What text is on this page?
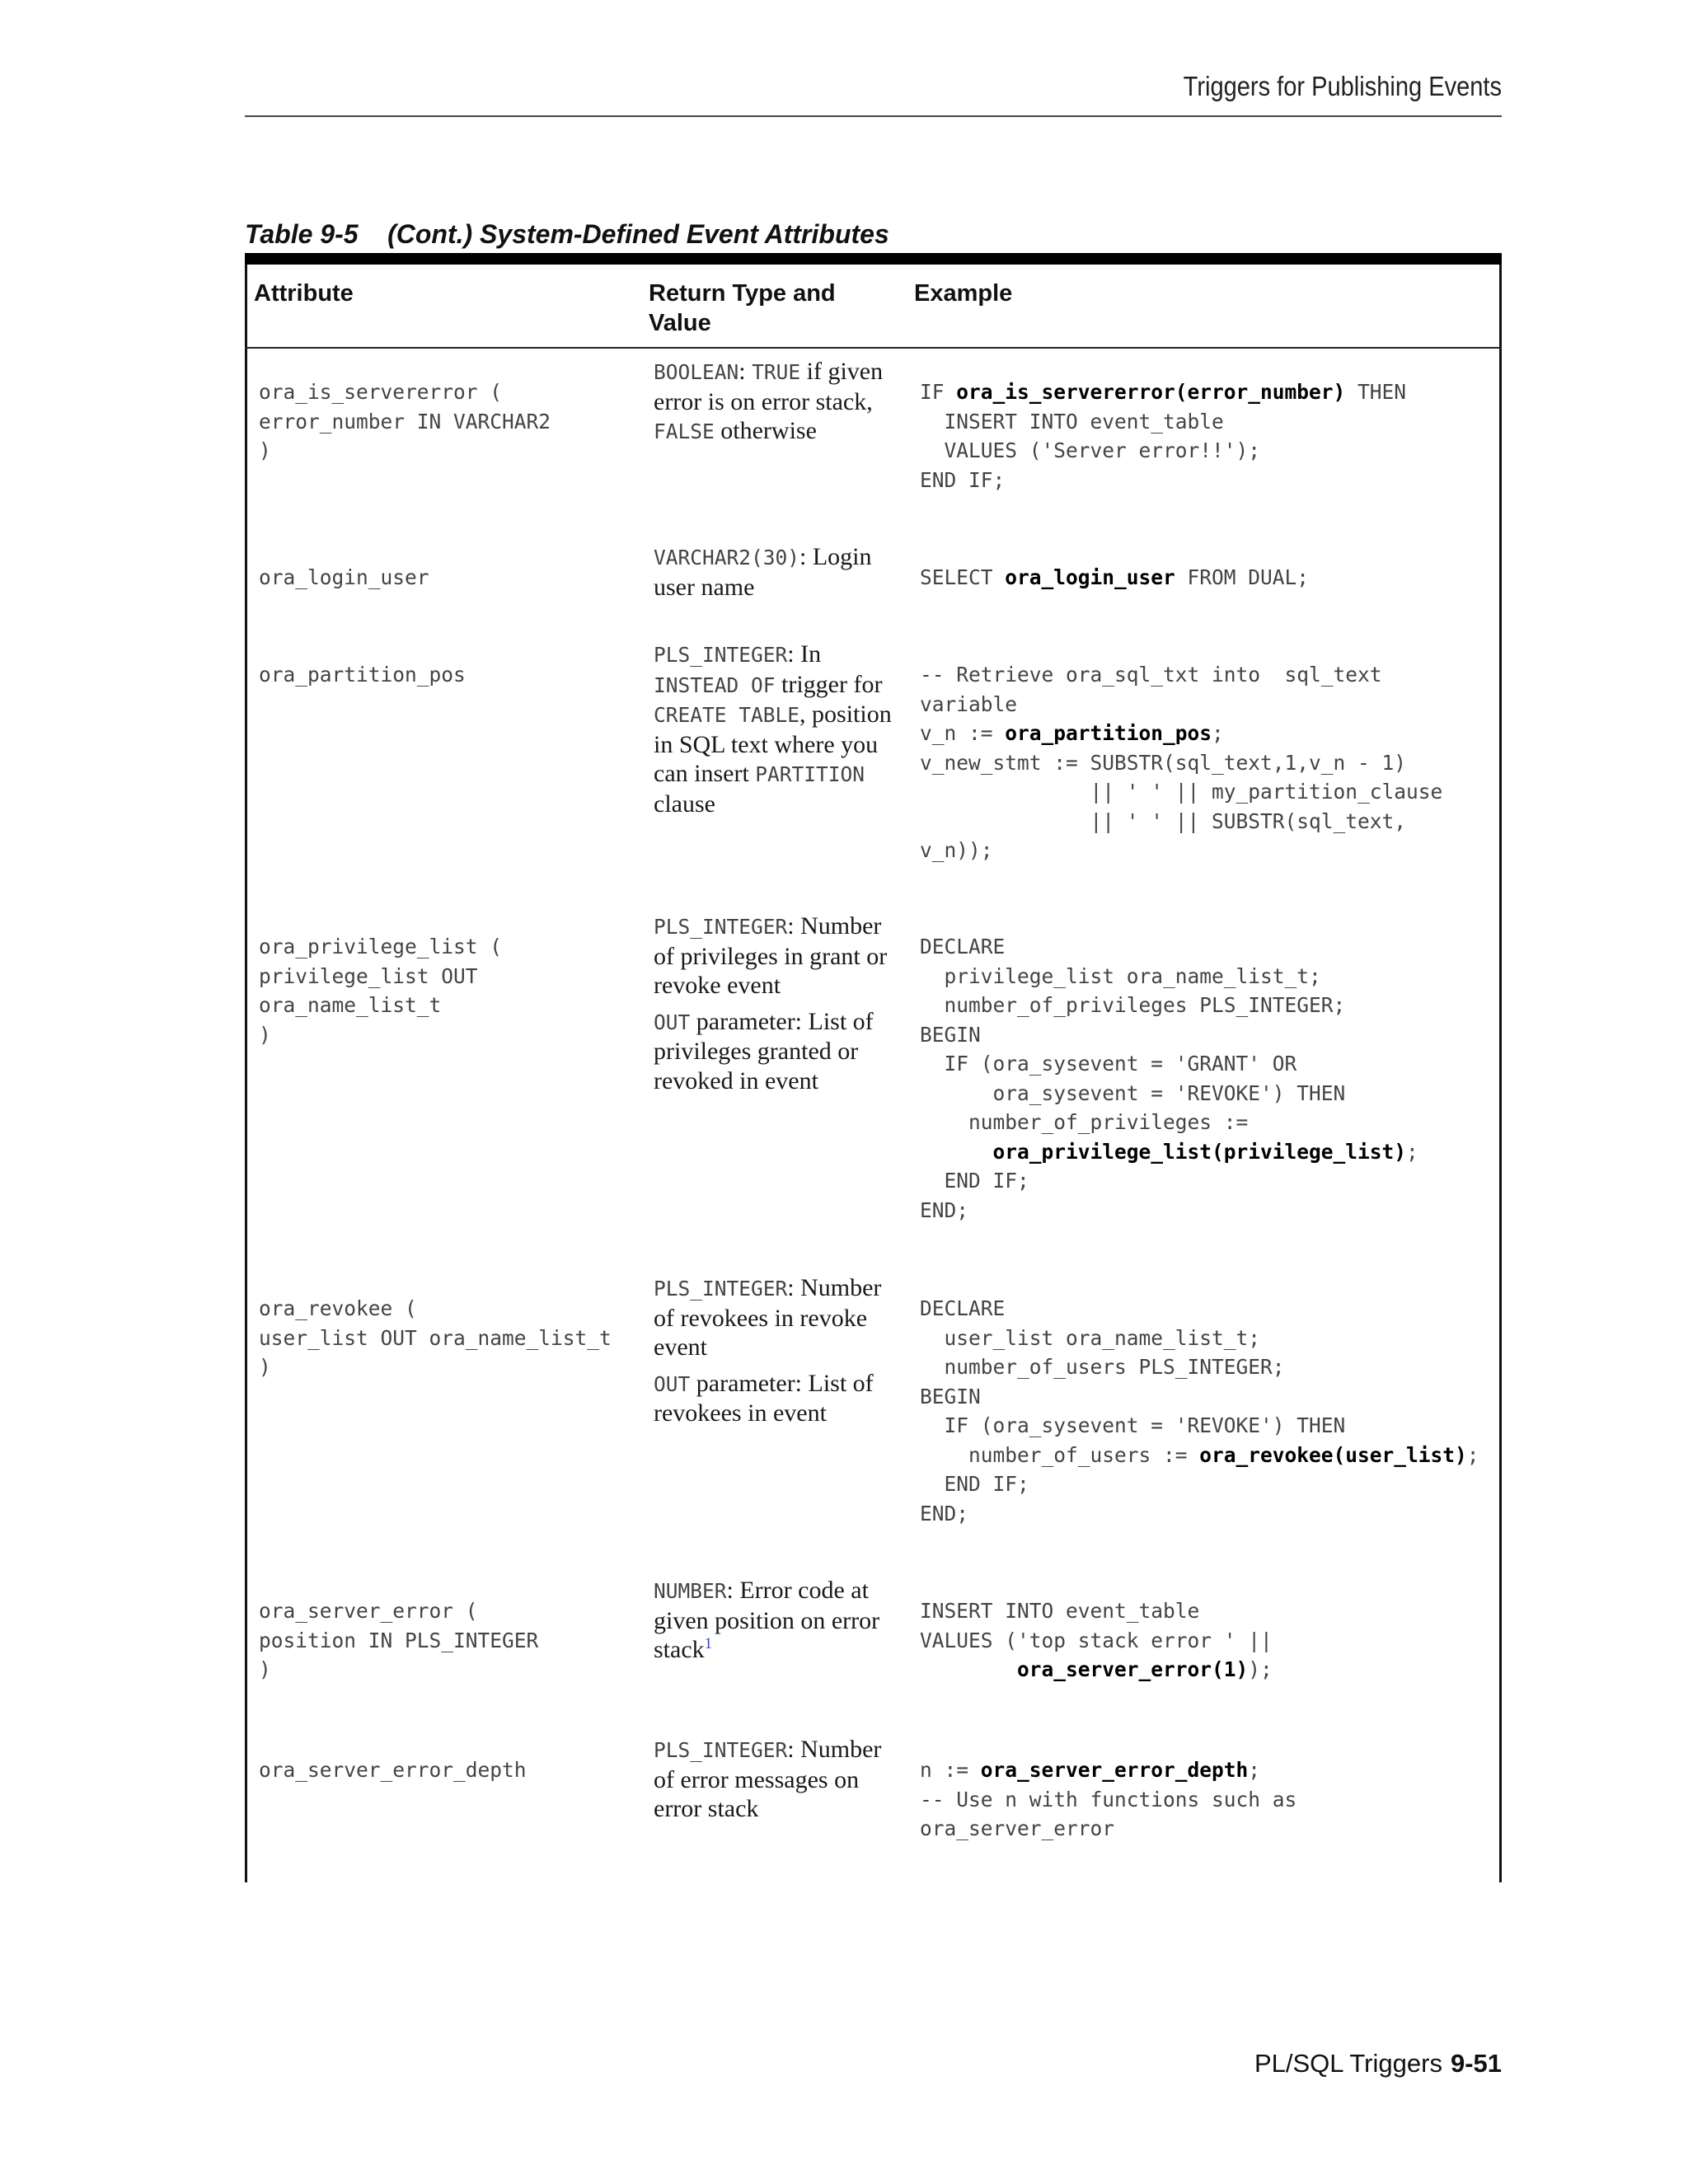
Triggers for Publishing Events
Table 9-5    (Cont.) System-Defined Event Attributes
Attribute	Return Type and Value
Example
ora_is_servererror (
error_number IN VARCHAR2
)

BOOLEAN: TRUE if given error is on error stack, FALSE otherwise

IF ora_is_servererror(error_number) THEN
INSERT INTO event_table
VALUES ('Server error!!');
END IF;
ora_login_user

VARCHAR2(30): Login user name	SELECT ora_login_user FROM DUAL;
ora_partition_pos

PLS_INTEGER: In INSTEAD OF trigger for CREATE TABLE, position in SQL text where you can insert PARTITION clause

-- Retrieve ora_sql_txt into  sql_text
variable
v_n := ora_partition_pos;
v_new_stmt := SUBSTR(sql_text,1,v_n - 1)
|| ' ' || my_partition_clause
|| ' ' || SUBSTR(sql_text,
v_n));
ora_privilege_list (
privilege_list OUT
ora_name_list_t
)

PLS_INTEGER: Number of privileges in grant or revoke event

OUT parameter: List of privileges granted or revoked in event

DECLARE
privilege_list ora_name_list_t;
number_of_privileges PLS_INTEGER;
BEGIN
IF (ora_sysevent = 'GRANT' OR
ora_sysevent = 'REVOKE') THEN
number_of_privileges :=
ora_privilege_list(privilege_list);
END IF;
END;
ora_revokee (
user_list OUT ora_name_list_t
)

PLS_INTEGER: Number of revokees in revoke event

OUT parameter: List of revokees in event

DECLARE
user_list ora_name_list_t;
number_of_users PLS_INTEGER;
BEGIN
IF (ora_sysevent = 'REVOKE') THEN
number_of_users := ora_revokee(user_list);
END IF;
END;
ora_server_error (
position IN PLS_INTEGER
)

NUMBER: Error code at given position on error stack$^1$

INSERT INTO event_table
VALUES ('top stack error ' ||
ora_server_error(1));
ora_server_error_depth

PLS_INTEGER: Number of error messages on error stack

n := ora_server_error_depth;
-- Use n with functions such as
ora_server_error
PL/SQL Triggers 9-51
